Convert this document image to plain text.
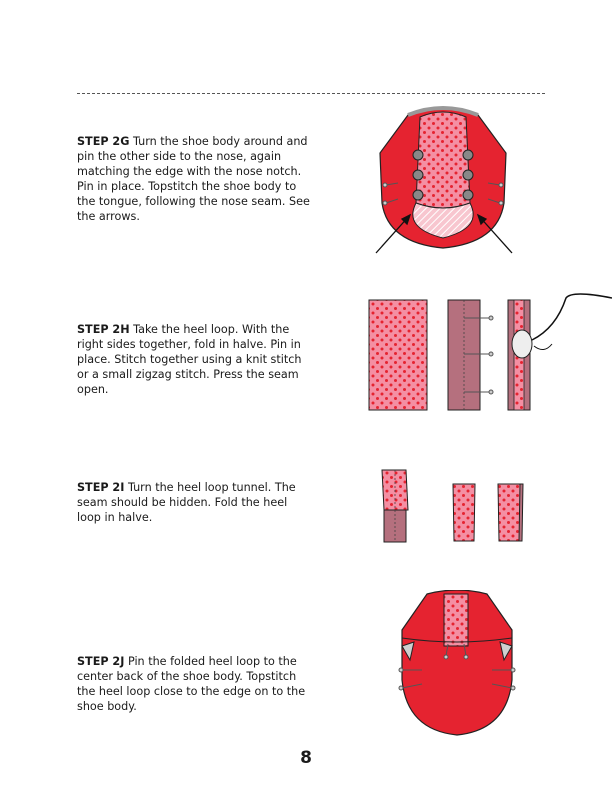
STEP 2G Turn the shoe body around and pin the other side to the nose, again matching the edge with the nose notch. Pin in place. Topstitch the shoe body to the tongue, following the nose seam. See the arrows.
STEP 2H Take the heel loop. With the right sides together, fold in halve. Pin in place. Stitch together using a knit stitch or a small zigzag stitch. Press the seam open.
STEP 2I Turn the heel loop tunnel. The seam should be hidden. Fold the heel loop in halve.
STEP 2J Pin the folded heel loop to the center back of the shoe body. Topstitch the heel loop close to the edge on to the shoe body.
8
